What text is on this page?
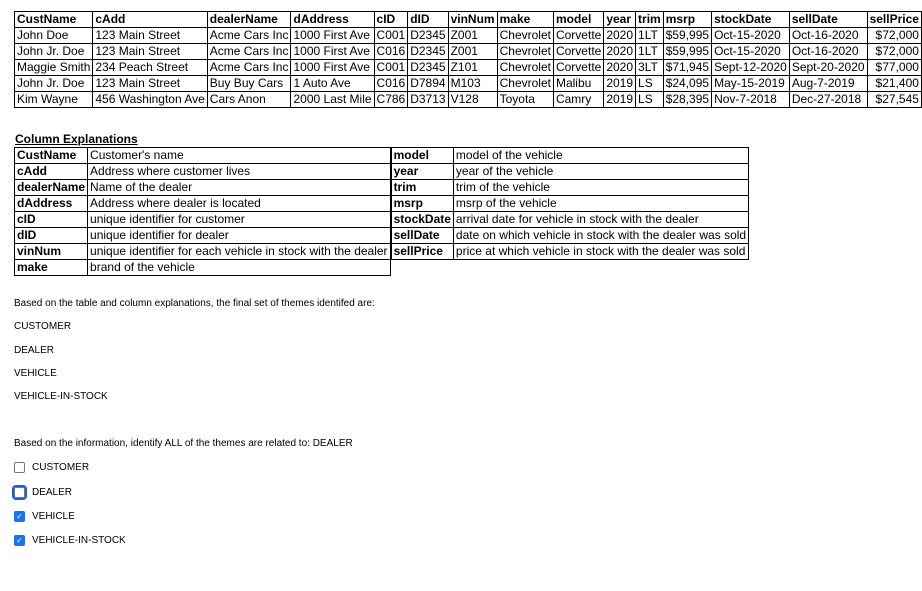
CustName	cAdd	dealerName	dAddress	cID	dID	vinNum	make	model	year	trim	msrp	stockDate	sellDate	sellPrice
John Doe	123 Main Street	Acme Cars Inc	1000 First Ave	C001	D2345	Z001	Chevrolet	Corvette	2020	1LT	$59,995	Oct-15-2020	Oct-16-2020	$72,000
John Jr. Doe	123 Main Street	Acme Cars Inc	1000 First Ave	C016	D2345	Z001	Chevrolet	Corvette	2020	1LT	$59,995	Oct-15-2020	Oct-16-2020	$72,000
Maggie Smith	234 Peach Street	Acme Cars Inc	1000 First Ave	C001	D2345	Z101	Chevrolet	Corvette	2020	3LT	$71,945	Sept-12-2020	Sept-20-2020	$77,000
John Jr. Doe	123 Main Street	Buy Buy Cars	1 Auto Ave	C016	D7894	M103	Chevrolet	Malibu	2019	LS	$24,095	May-15-2019	Aug-7-2019	$21,400
Kim Wayne	456 Washington Ave	Cars Anon	2000 Last Mile	C786	D3713	V128	Toyota	Camry	2019	LS	$28,395	Nov-7-2018	Dec-27-2018	$27,545
Column Explanations
CustName	Customer's name		model	model of the vehicle
cAdd	Address where customer lives		year	year of the vehicle
dealerName	Name of the dealer		trim	trim of the vehicle
dAddress	Address where dealer is located		msrp	msrp of the vehicle
cID	unique identifier for customer		stockDate	arrival date for vehicle in stock with the dealer
dID	unique identifier for dealer		sellDate	date on which vehicle in stock with the dealer was sold
vinNum	unique identifier for each vehicle in stock with the dealer		sellPrice	price at which vehicle in stock with the dealer was sold
make	brand of the vehicle			
Based on the table and column explanations, the final set of themes identifed are:
CUSTOMER
DEALER
VEHICLE
VEHICLE-IN-STOCK
Based on the information, identify ALL of the themes are related to: DEALER
CUSTOMER
DEALER
✓ VEHICLE
✓ VEHICLE-IN-STOCK
